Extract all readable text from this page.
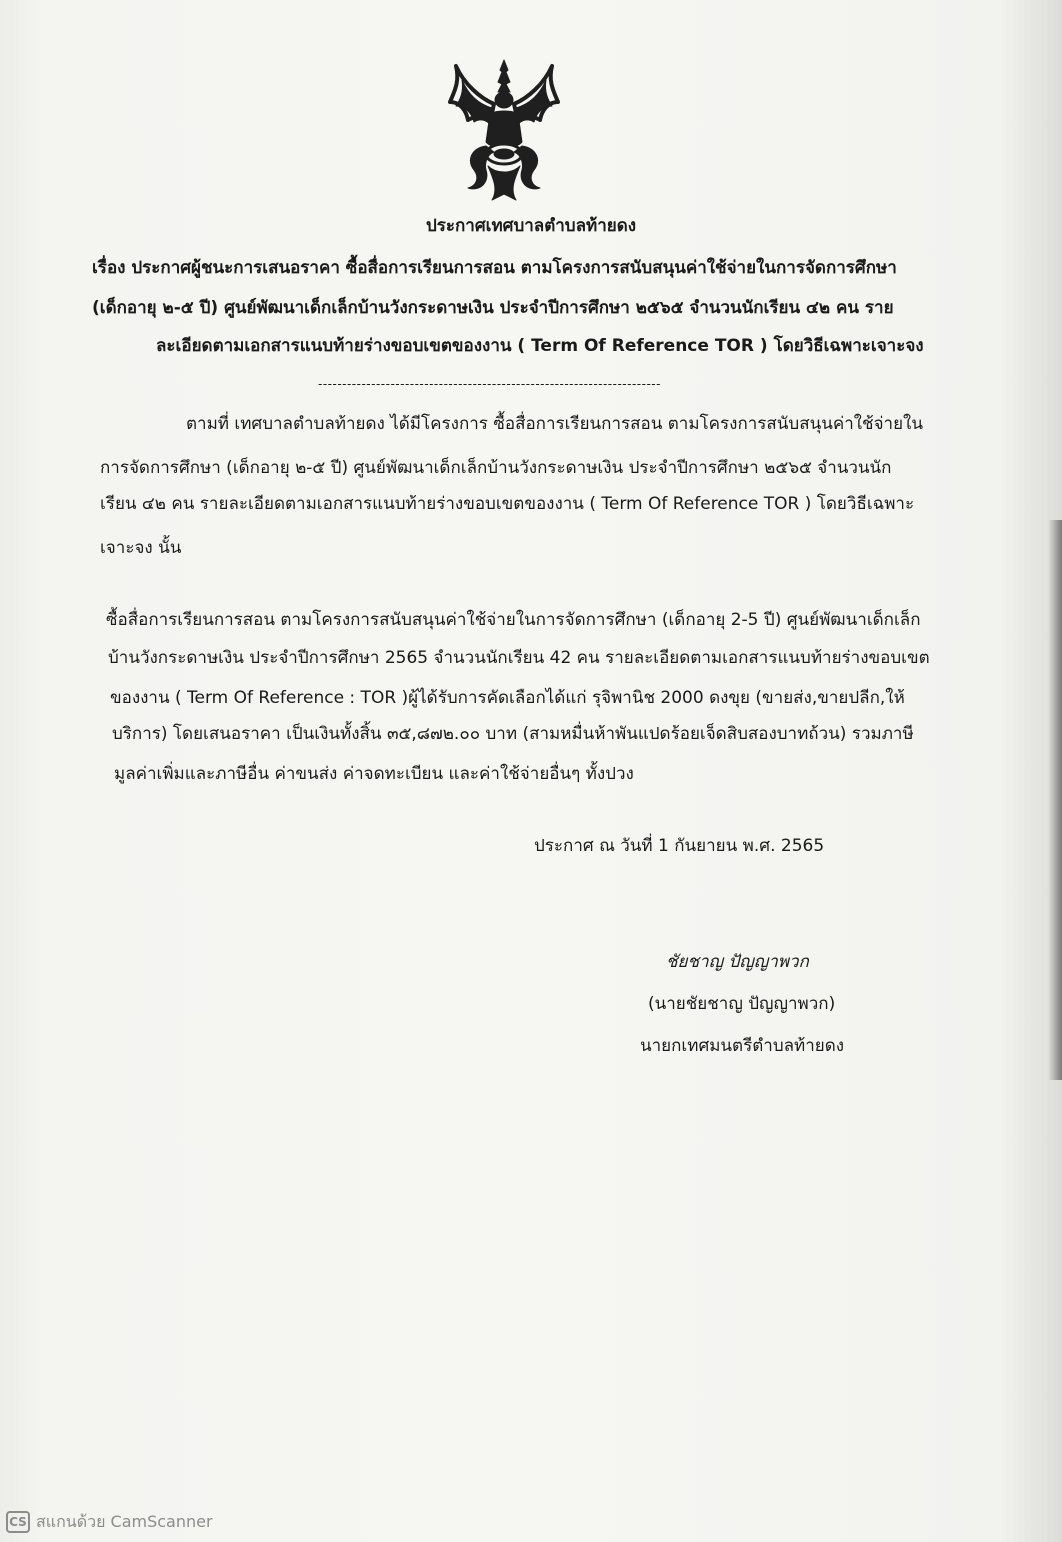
ประกาศเทศบาลตำบลท้ายดง
เรื่อง ประกาศผู้ชนะการเสนอราคา ซื้อสื่อการเรียนการสอน ตามโครงการสนับสนุนค่าใช้จ่ายในการจัดการศึกษา
(เด็กอายุ ๒-๕ ปี) ศูนย์พัฒนาเด็กเล็กบ้านวังกระดาษเงิน ประจำปีการศึกษา ๒๕๖๕ จำนวนนักเรียน ๔๒ คน ราย
ละเอียดตามเอกสารแนบท้ายร่างขอบเขตของงาน ( Term Of Reference TOR ) โดยวิธีเฉพาะเจาะจง
-----------------------------------------------------------------------
ตามที่ เทศบาลตำบลท้ายดง ได้มีโครงการ ซื้อสื่อการเรียนการสอน ตามโครงการสนับสนุนค่าใช้จ่ายใน
การจัดการศึกษา (เด็กอายุ ๒-๕ ปี) ศูนย์พัฒนาเด็กเล็กบ้านวังกระดาษเงิน ประจำปีการศึกษา ๒๕๖๕ จำนวนนัก
เรียน ๔๒ คน รายละเอียดตามเอกสารแนบท้ายร่างขอบเขตของงาน ( Term Of Reference TOR ) โดยวิธีเฉพาะ
เจาะจง นั้น
ซื้อสื่อการเรียนการสอน ตามโครงการสนับสนุนค่าใช้จ่ายในการจัดการศึกษา (เด็กอายุ 2-5 ปี) ศูนย์พัฒนาเด็กเล็ก
บ้านวังกระดาษเงิน ประจำปีการศึกษา 2565 จำนวนนักเรียน 42 คน รายละเอียดตามเอกสารแนบท้ายร่างขอบเขต
ของงาน ( Term Of Reference : TOR )ผู้ได้รับการคัดเลือกได้แก่ รุจิพานิช 2000 ดงขุย (ขายส่ง,ขายปลีก,ให้
บริการ) โดยเสนอราคา เป็นเงินทั้งสิ้น ๓๕,๘๗๒.๐๐ บาท (สามหมื่นห้าพันแปดร้อยเจ็ดสิบสองบาทถ้วน) รวมภาษี
มูลค่าเพิ่มและภาษีอื่น ค่าขนส่ง ค่าจดทะเบียน และค่าใช้จ่ายอื่นๆ ทั้งปวง
ประกาศ ณ วันที่ 1 กันยายน พ.ศ. 2565
ชัยชาญ ปัญญาพวก
(นายชัยชาญ ปัญญาพวก)
นายกเทศมนตรีตำบลท้ายดง
CS สแกนด้วย CamScanner
